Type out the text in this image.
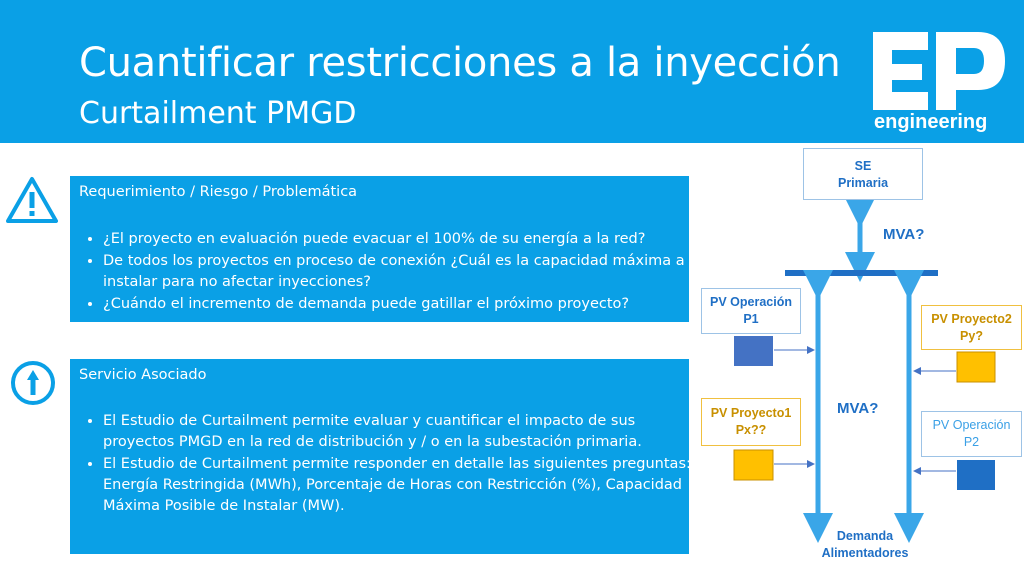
Cuantificar restricciones a la inyección
Curtailment PMGD	engineering
Requerimiento / Riesgo / Problemática
• ¿El proyecto en evaluación puede evacuar el 100% de su energía a la red?
• De todos los proyectos en proceso de conexión ¿Cuál es la capacidad máxima a instalar para no afectar inyecciones?
• ¿Cuándo el incremento de demanda puede gatillar el próximo proyecto?
Servicio Asociado
• El Estudio de Curtailment permite evaluar y cuantificar el impacto de sus proyectos PMGD en la red de distribución y / o en la subestación primaria.
• El Estudio de Curtailment permite responder en detalle las siguientes preguntas: Energía Restringida (MWh), Porcentaje de Horas con Restricción (%), Capacidad Máxima Posible de Instalar (MW).
SE
Primaria
MVA?
MVA?
PV Operación
P1	PV Proyecto2
Py?
PV Proyecto1
Px??	PV Operación
P2
Demanda
Alimentadores
